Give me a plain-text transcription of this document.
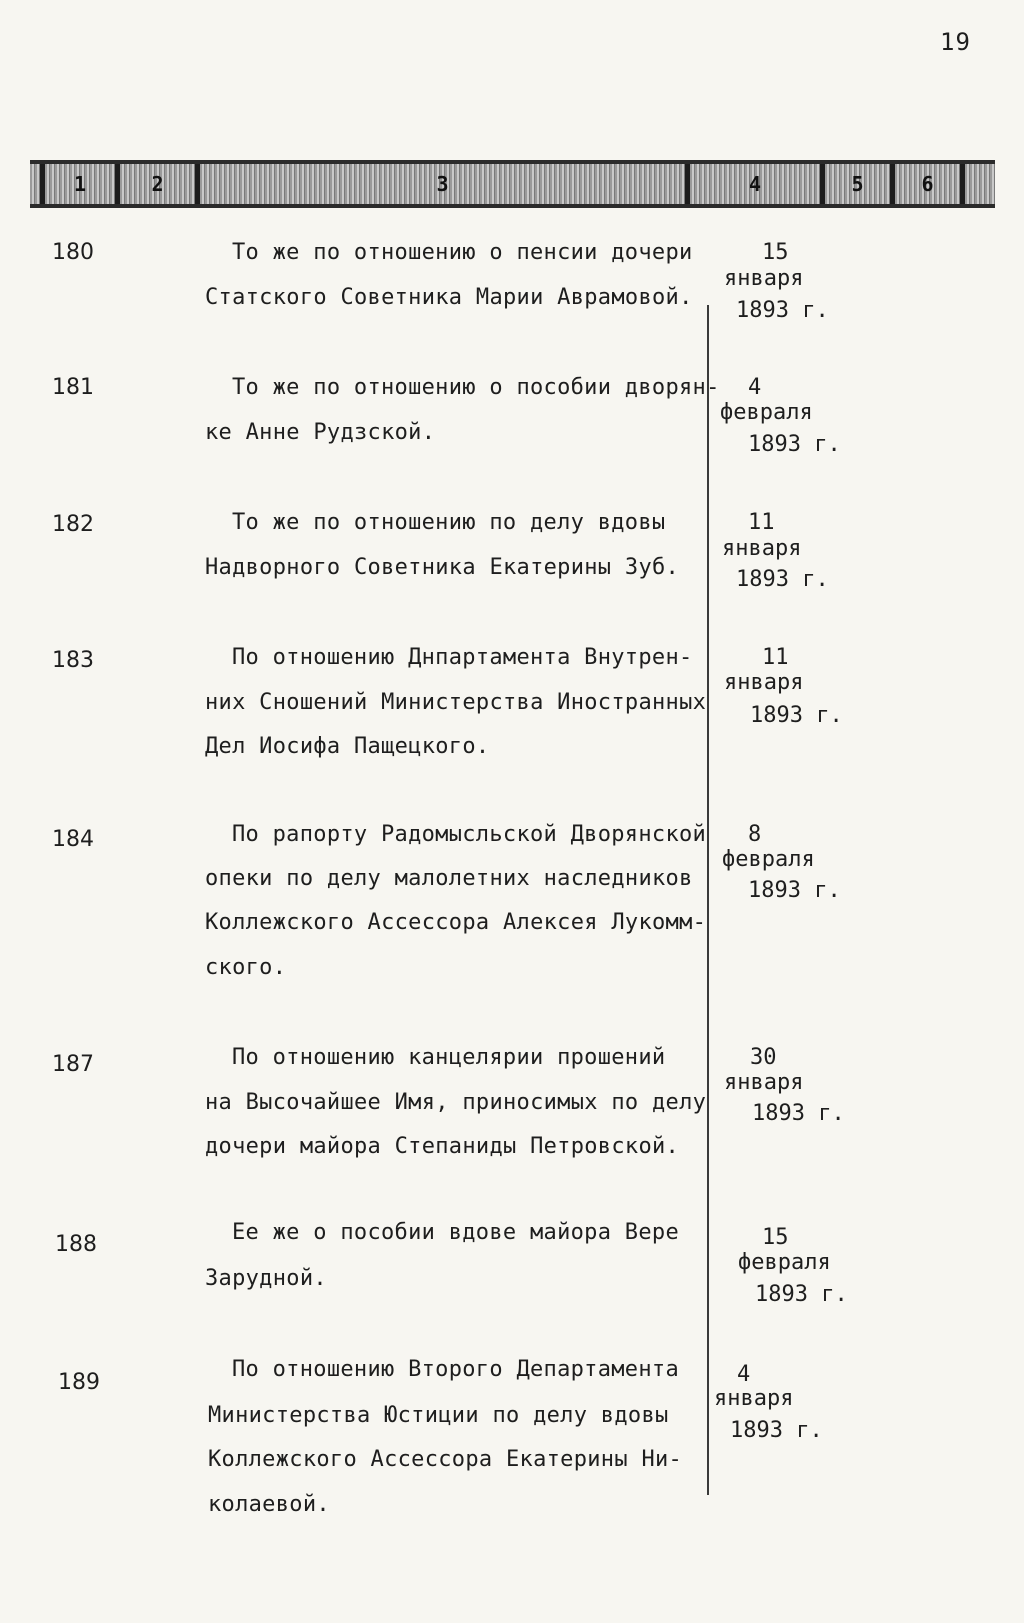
19
1	2	3	4	5	6
180	То же по отношению о пенсии дочери
Статского Советника Марии Аврамовой.
15
января
1893 г.
181	То же по отношению о пособии дворян-
ке Анне Рудзской.
4
февраля
1893 г.
182	То же по отношению по делу вдовы
Надворного Советника Екатерины Зуб.
11
января
1893 г.
183	По отношению Днпартамента Внутрен-
них Сношений Министерства Иностранных
Дел Иосифа Пащецкого.
11
января
1893 г.
184	По рапорту Радомысльской Дворянской
опеки по делу малолетних наследников
Коллежского Ассессора Алексея Лукомм-
ского.
8
февраля
1893 г.
187	По отношению канцелярии прошений
на Высочайшее Имя, приносимых по делу
дочери майора Степаниды Петровской.
30
января
1893 г.
188	Ее же о пособии вдове майора Вере
Зарудной.
15
февраля
1893 г.
189
По отношению Второго Департамента
Министерства Юстиции по делу вдовы
Коллежского Ассессора Екатерины Ни-
колаевой.
4
января
1893 г.
